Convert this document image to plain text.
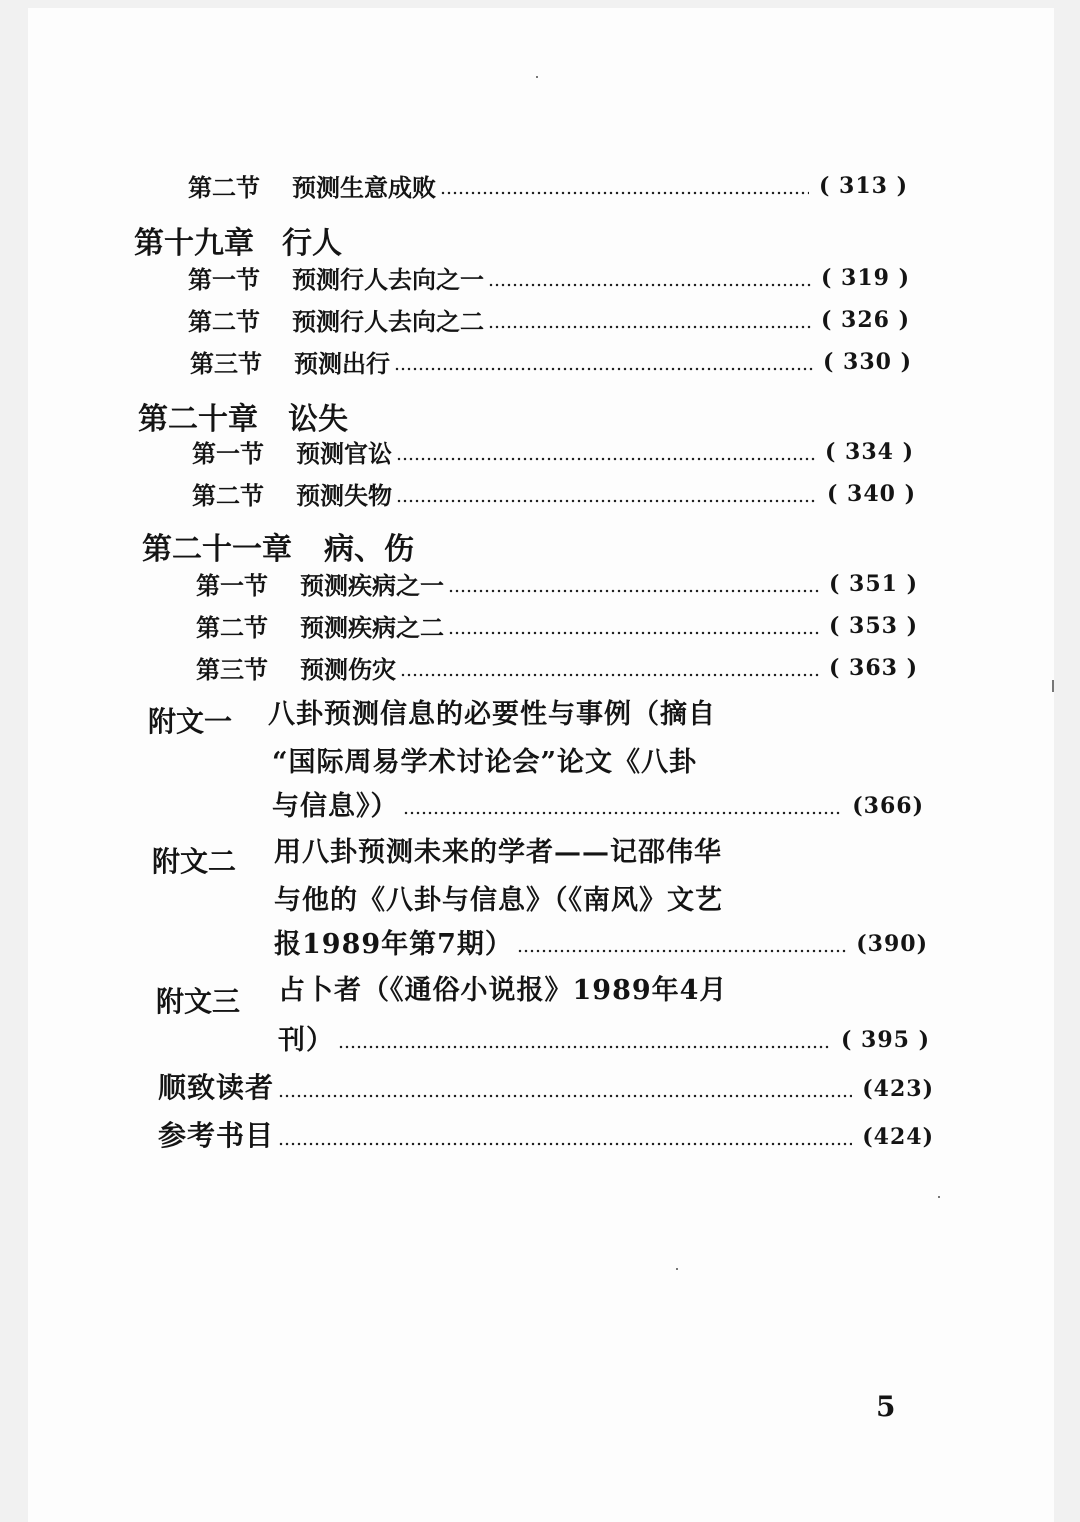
第二节 预测生意成败	( 313 )
第十九章 行人
第一节 预测行人去向之一	( 319 )
第二节 预测行人去向之二	( 326 )
第三节 预测出行	( 330 )
第二十章 讼失
第一节 预测官讼	( 334 )
第二节 预测失物	( 340 )
第二十一章 病、伤
第一节 预测疾病之一	( 351 )
第二节 预测疾病之二	( 353 )
第三节 预测伤灾	( 363 )
附文一 八卦预测信息的必要性与事例（摘自
“国际周易学术讨论会”论文《八卦
与信息》）	(366)
附文二 用八卦预测未来的学者——记邵伟华
与他的《八卦与信息》（《南风》文艺
报1989年第7期）	(390)
附文三 占卜者（《通俗小说报》1989年4月
刊）	( 395 )
顺致读者	(423)
参考书目	(424)
5
